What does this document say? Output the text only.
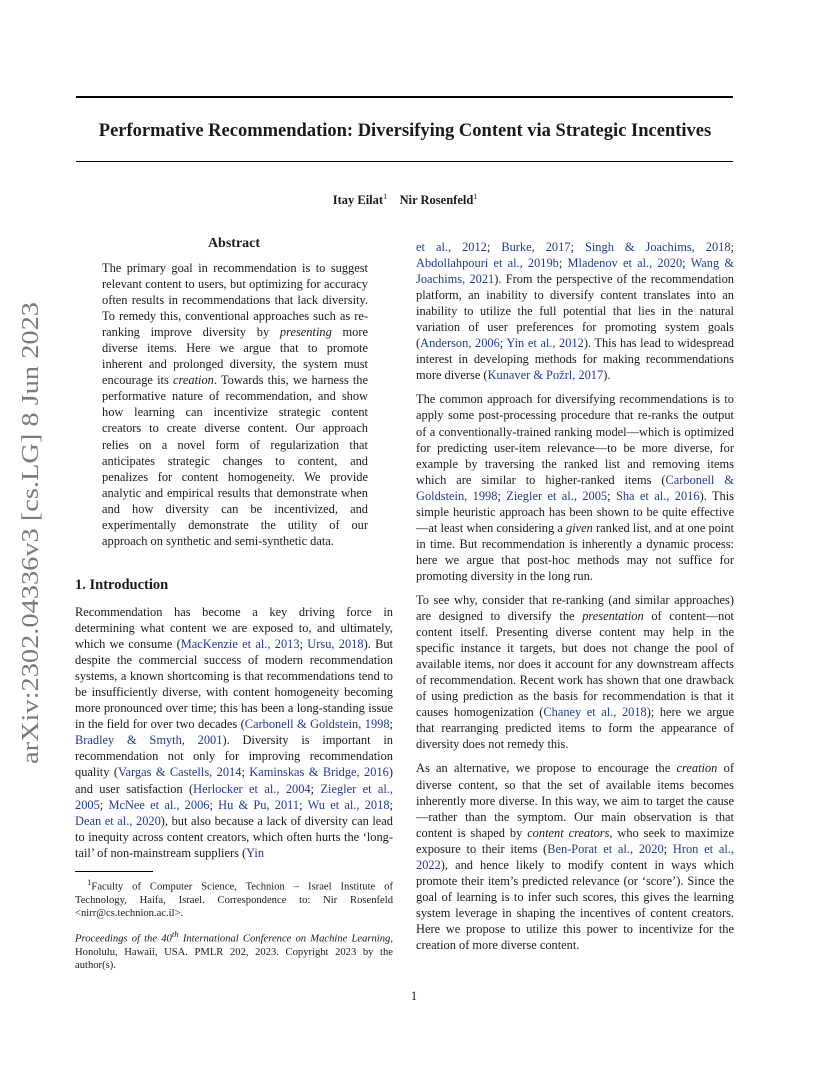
Performative Recommendation: Diversifying Content via Strategic Incentives
Itay Eilat$^1$ Nir Rosenfeld$^1$
arXiv:2302.04336v3 [cs.LG] 8 Jun 2023
Abstract
The primary goal in recommendation is to suggest relevant content to users, but optimizing for accuracy often results in recommendations that lack diversity. To remedy this, conventional approaches such as re-ranking improve diversity by presenting more diverse items. Here we argue that to promote inherent and prolonged diversity, the system must encourage its creation. Towards this, we harness the performative nature of recommendation, and show how learning can incentivize strategic content creators to create diverse content. Our approach relies on a novel form of regularization that anticipates strategic changes to content, and penalizes for content homogeneity. We provide analytic and empirical results that demonstrate when and how diversity can be incentivized, and experimentally demonstrate the utility of our approach on synthetic and semi-synthetic data.
1. Introduction

Recommendation has become a key driving force in determining what content we are exposed to, and ultimately, which we consume (MacKenzie et al., 2013; Ursu, 2018). But despite the commercial success of modern recommendation systems, a known shortcoming is that recommendations tend to be insufficiently diverse, with content homogeneity becoming more pronounced over time; this has been a long-standing issue in the field for over two decades (Carbonell & Goldstein, 1998; Bradley & Smyth, 2001). Diversity is important in recommendation not only for improving recommendation quality (Vargas & Castells, 2014; Kaminskas & Bridge, 2016) and user satisfaction (Herlocker et al., 2004; Ziegler et al., 2005; McNee et al., 2006; Hu & Pu, 2011; Wu et al., 2018; Dean et al., 2020), but also because a lack of diversity can lead to inequity across content creators, which often hurts the ‘long-tail’ of non-mainstream suppliers (Yin

et al., 2012; Burke, 2017; Singh & Joachims, 2018; Abdollahpouri et al., 2019b; Mladenov et al., 2020; Wang & Joachims, 2021). From the perspective of the recommendation platform, an inability to diversify content translates into an inability to utilize the full potential that lies in the natural variation of user preferences for promoting system goals (Anderson, 2006; Yin et al., 2012). This has lead to widespread interest in developing methods for making recommendations more diverse (Kunaver & Požrl, 2017).

The common approach for diversifying recommendations is to apply some post-processing procedure that re-ranks the output of a conventionally-trained ranking model—which is optimized for predicting user-item relevance—to be more diverse, for example by traversing the ranked list and removing items which are similar to higher-ranked items (Carbonell & Goldstein, 1998; Ziegler et al., 2005; Sha et al., 2016). This simple heuristic approach has been shown to be quite effective—at least when considering a given ranked list, and at one point in time. But recommendation is inherently a dynamic process: here we argue that post-hoc methods may not suffice for promoting diversity in the long run.

To see why, consider that re-ranking (and similar approaches) are designed to diversify the presentation of content—not content itself. Presenting diverse content may help in the specific instance it targets, but does not change the pool of available items, nor does it account for any downstream affects of recommendation. Recent work has shown that one drawback of using prediction as the basis for recommendation is that it causes homogenization (Chaney et al., 2018); here we argue that rearranging predicted items to form the appearance of diversity does not remedy this.

As an alternative, we propose to encourage the creation of diverse content, so that the set of available items becomes inherently more diverse. In this way, we aim to target the cause—rather than the symptom. Our main observation is that content is shaped by content creators, who seek to maximize exposure to their items (Ben-Porat et al., 2020; Hron et al., 2022), and hence likely to modify content in ways which promote their item’s predicted relevance (or ‘score’). Since the goal of learning is to infer such scores, this gives the learning system leverage in shaping the incentives of content creators. Here we propose to utilize this power to incentivize for the creation of more diverse content.

$^1$Faculty of Computer Science, Technion – Israel Institute of Technology, Haifa, Israel. Correspondence to: Nir Rosenfeld <nirr@cs.technion.ac.il>.

Proceedings of the 40th International Conference on Machine Learning, Honolulu, Hawaii, USA. PMLR 202, 2023. Copyright 2023 by the author(s).

1
